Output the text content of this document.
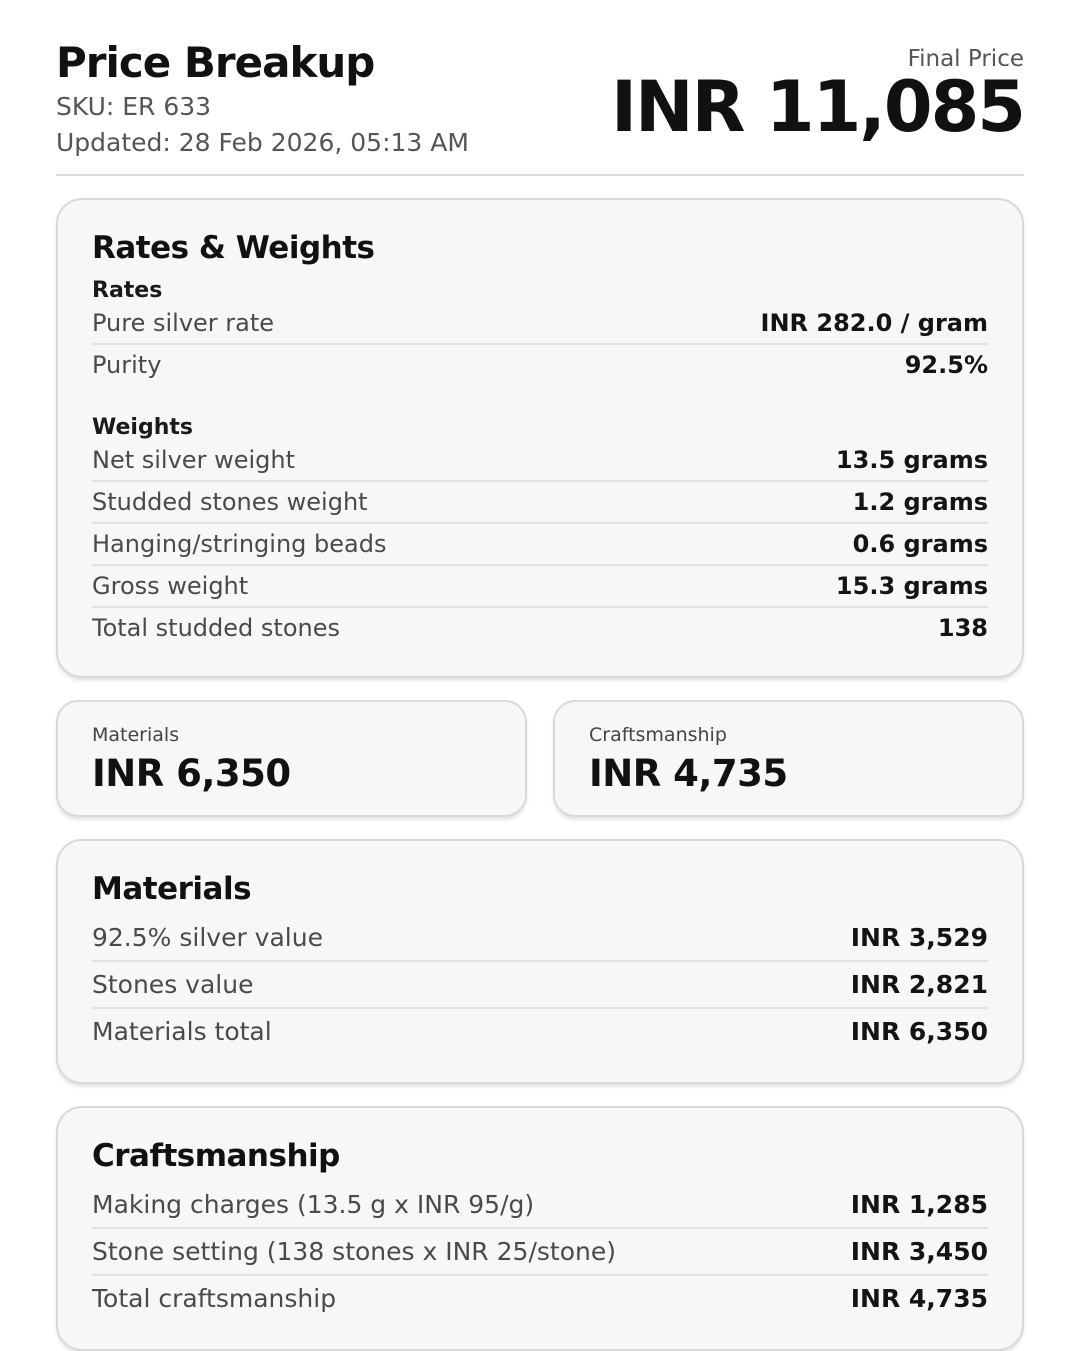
Price Breakup
SKU: ER 633
Updated: 28 Feb 2026, 05:13 AM
Final Price
INR 11,085
Rates & Weights
Rates
Pure silver rate	INR 282.0 / gram
Purity	92.5%
Weights
Net silver weight	13.5 grams
Studded stones weight	1.2 grams
Hanging/stringing beads	0.6 grams
Gross weight	15.3 grams
Total studded stones	138
Materials
INR 6,350
Craftsmanship
INR 4,735
Materials
92.5% silver value	INR 3,529
Stones value	INR 2,821
Materials total	INR 6,350
Craftsmanship
Making charges (13.5 g x INR 95/g)	INR 1,285
Stone setting (138 stones x INR 25/stone)	INR 3,450
Total craftsmanship	INR 4,735
